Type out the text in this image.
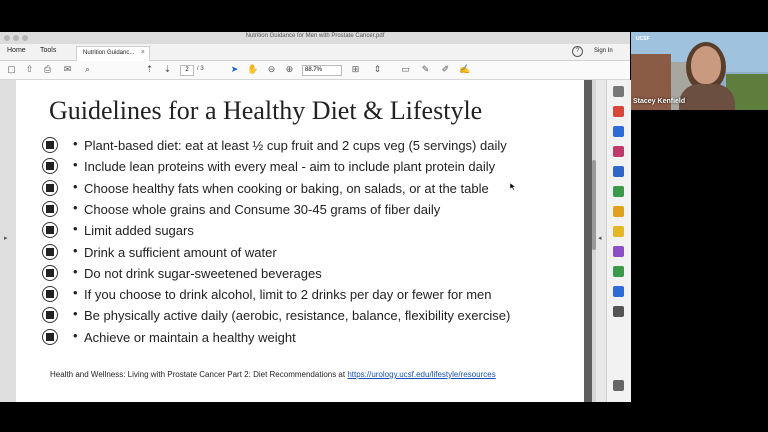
Nutrition Guidance for Men with Prostate Cancer.pdf
Home Tools	Nutrition Guidanc... ×	?	Sign In
▢ ⇧ ⎙ ✉	⌕	⇡ ⇣	2	/ 3	➤ ✋ ⊖ ⊕	88.7%	⊞ ⇕ ▭ ✎ ✐ ✍
▸
Guidelines for a Healthy Diet & Lifestyle
• Plant-based diet: eat at least ½ cup fruit and 2 cups veg (5 servings) daily
• Include lean proteins with every meal - aim to include plant protein daily
• Choose healthy fats when cooking or baking, on salads, or at the table
• Choose whole grains and Consume 30-45 grams of fiber daily
• Limit added sugars
• Drink a sufficient amount of water
• Do not drink sugar-sweetened beverages
• If you choose to drink alcohol, limit to 2 drinks per day or fewer for men
• Be physically active daily (aerobic, resistance, balance, flexibility exercise)
• Achieve or maintain a healthy weight
Health and Wellness: Living with Prostate Cancer Part 2: Diet Recommendations at https://urology.ucsf.edu/lifestyle/resources
◂
UCSF
Stacey Kenfield
